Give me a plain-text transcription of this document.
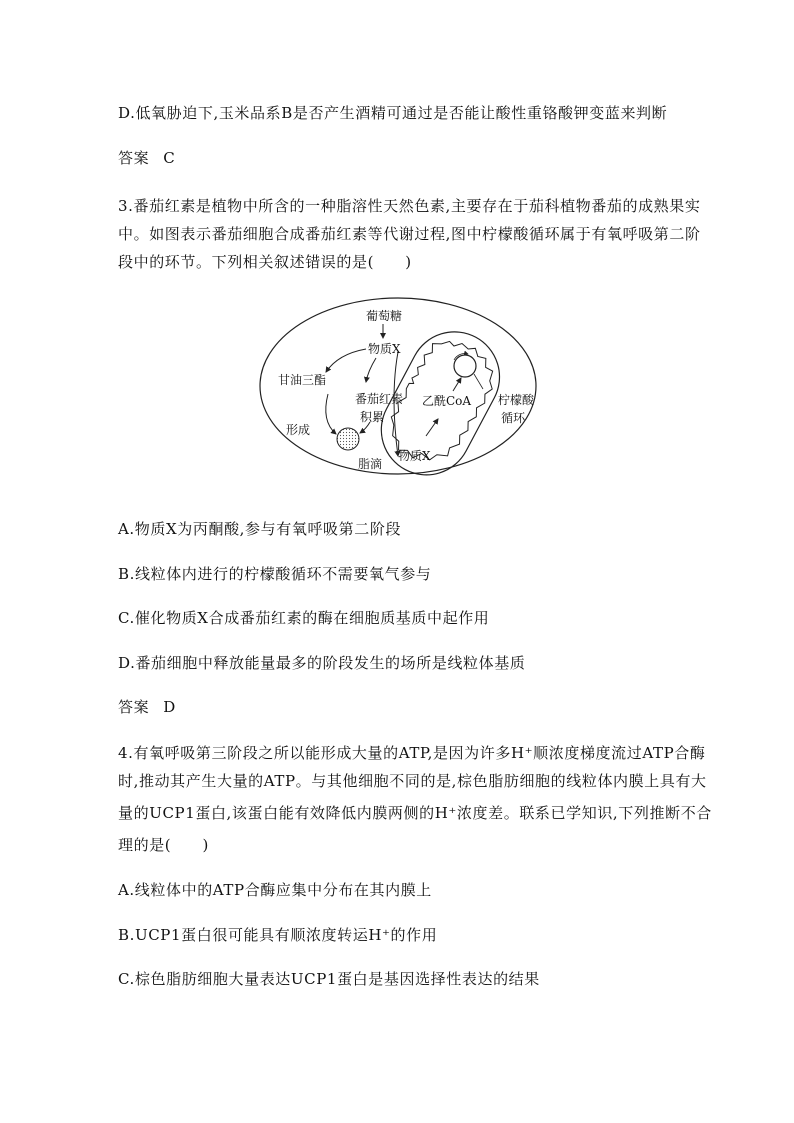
D.低氧胁迫下,玉米品系B是否产生酒精可通过是否能让酸性重铬酸钾变蓝来判断
答案 C
3.番茄红素是植物中所含的一种脂溶性天然色素,主要存在于茄科植物番茄的成熟果实
中。如图表示番茄细胞合成番茄红素等代谢过程,图中柠檬酸循环属于有氧呼吸第二阶
段中的环节。下列相关叙述错误的是(　　)
葡萄糖
物质X
甘油三酯
番茄红素
积累
形成
脂滴
乙酰CoA 柠檬酸
循环
物质X
A.物质X为丙酮酸,参与有氧呼吸第二阶段
B.线粒体内进行的柠檬酸循环不需要氧气参与
C.催化物质X合成番茄红素的酶在细胞质基质中起作用
D.番茄细胞中释放能量最多的阶段发生的场所是线粒体基质
答案 D
4.有氧呼吸第三阶段之所以能形成大量的ATP,是因为许多H⁺顺浓度梯度流过ATP合酶
时,推动其产生大量的ATP。与其他细胞不同的是,棕色脂肪细胞的线粒体内膜上具有大
量的UCP1蛋白,该蛋白能有效降低内膜两侧的H⁺浓度差。联系已学知识,下列推断不合
理的是(　　)
A.线粒体中的ATP合酶应集中分布在其内膜上
B.UCP1蛋白很可能具有顺浓度转运H⁺的作用
C.棕色脂肪细胞大量表达UCP1蛋白是基因选择性表达的结果
